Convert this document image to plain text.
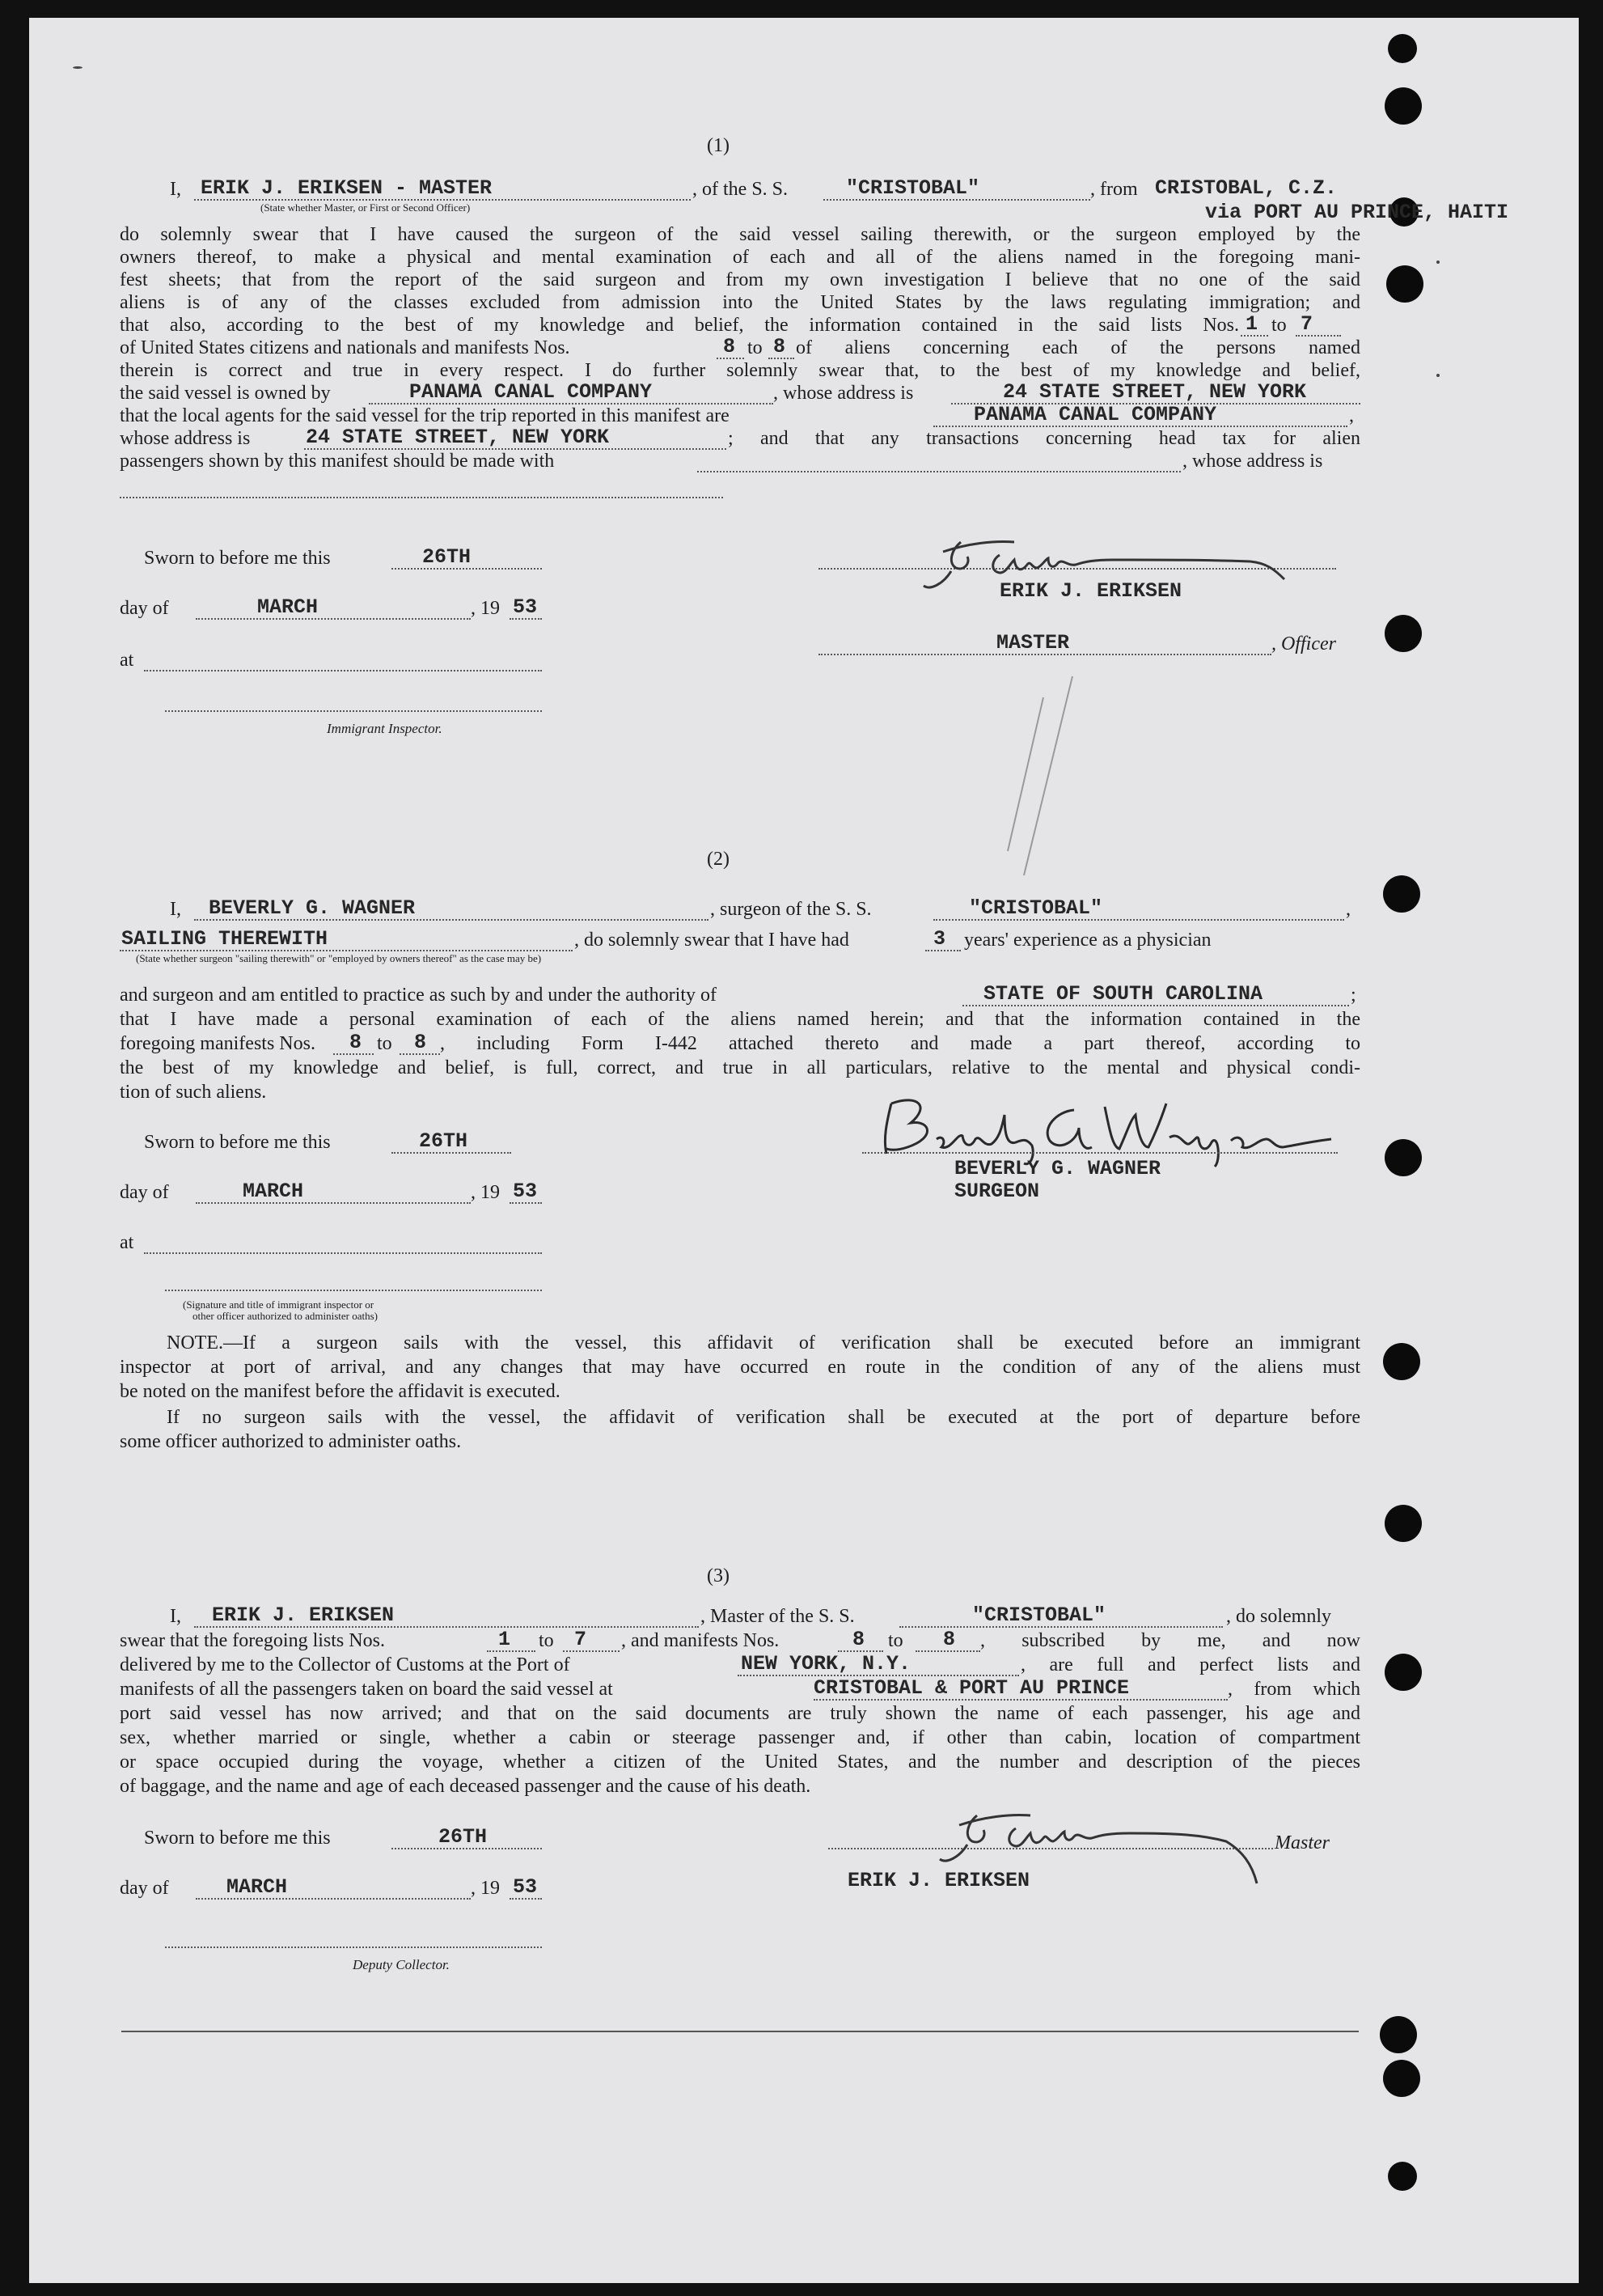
(1)
I, ERIK J. ERIKSEN - MASTER	, of the S. S.	"CRISTOBAL"	, from CRISTOBAL, C.Z.
via PORT AU PRINCE, HAITI
(State whether Master, or First or Second Officer)
do solemnly swear that I have caused the surgeon of the said vessel sailing therewith, or the surgeon employed by the
owners thereof, to make a physical and mental examination of each and all of the aliens named in the foregoing mani-
fest sheets; that from the report of the said surgeon and from my own investigation I believe that no one of the said
aliens is of any of the classes excluded from admission into the United States by the laws regulating immigration; and
that also, according to the best of my knowledge and belief, the information contained in the said lists Nos. 1 to 7
of United States citizens and nationals and manifests Nos.	8 to 8 of aliens concerning each of the persons named
therein is correct and true in every respect. I do further solemnly swear that, to the best of my knowledge and belief,
the said vessel is owned by	PANAMA CANAL COMPANY	, whose address is	24 STATE STREET, NEW YORK
that the local agents for the said vessel for the trip reported in this manifest are	PANAMA CANAL COMPANY	,
whose address is	24 STATE STREET, NEW YORK	; and that any transactions concerning head tax for alien
passengers shown by this manifest should be made with	, whose address is
Sworn to before me this	26TH
day of	MARCH	, 19 53
at
Immigrant Inspector.
ERIK J. ERIKSEN
MASTER	, Officer
(2)
I, BEVERLY G. WAGNER	, surgeon of the S. S.	"CRISTOBAL"	,
SAILING THEREWITH	, do solemnly swear that I have had	3 years' experience as a physician
(State whether surgeon "sailing therewith" or "employed by owners thereof" as the case may be)
and surgeon and am entitled to practice as such by and under the authority of	STATE OF SOUTH CAROLINA	;
that I have made a personal examination of each of the aliens named herein; and that the information contained in the
foregoing manifests Nos. 8 to 8 , including Form I-442 attached thereto and made a part thereof, according to
the best of my knowledge and belief, is full, correct, and true in all particulars, relative to the mental and physical condi-
tion of such aliens.
Sworn to before me this	26TH
day of	MARCH	, 19 53
at
(Signature and title of immigrant inspector or
other officer authorized to administer oaths)
BEVERLY G. WAGNER
SURGEON
NOTE.—If a surgeon sails with the vessel, this affidavit of verification shall be executed before an immigrant
inspector at port of arrival, and any changes that may have occurred en route in the condition of any of the aliens must
be noted on the manifest before the affidavit is executed.
If no surgeon sails with the vessel, the affidavit of verification shall be executed at the port of departure before
some officer authorized to administer oaths.
(3)
I, ERIK J. ERIKSEN	, Master of the S. S.	"CRISTOBAL"	, do solemnly
swear that the foregoing lists Nos.	1 to 7 , and manifests Nos.	8 to 8 , subscribed by me, and now
delivered by me to the Collector of Customs at the Port of	NEW YORK, N.Y.	, are full and perfect lists and
manifests of all the passengers taken on board the said vessel at	CRISTOBAL & PORT AU PRINCE	, from which
port said vessel has now arrived; and that on the said documents are truly shown the name of each passenger, his age and
sex, whether married or single, whether a cabin or steerage passenger and, if other than cabin, location of compartment
or space occupied during the voyage, whether a citizen of the United States, and the number and description of the pieces
of baggage, and the name and age of each deceased passenger and the cause of his death.
Sworn to before me this	26TH
day of	MARCH	, 19 53
Deputy Collector.
Master
ERIK J. ERIKSEN
